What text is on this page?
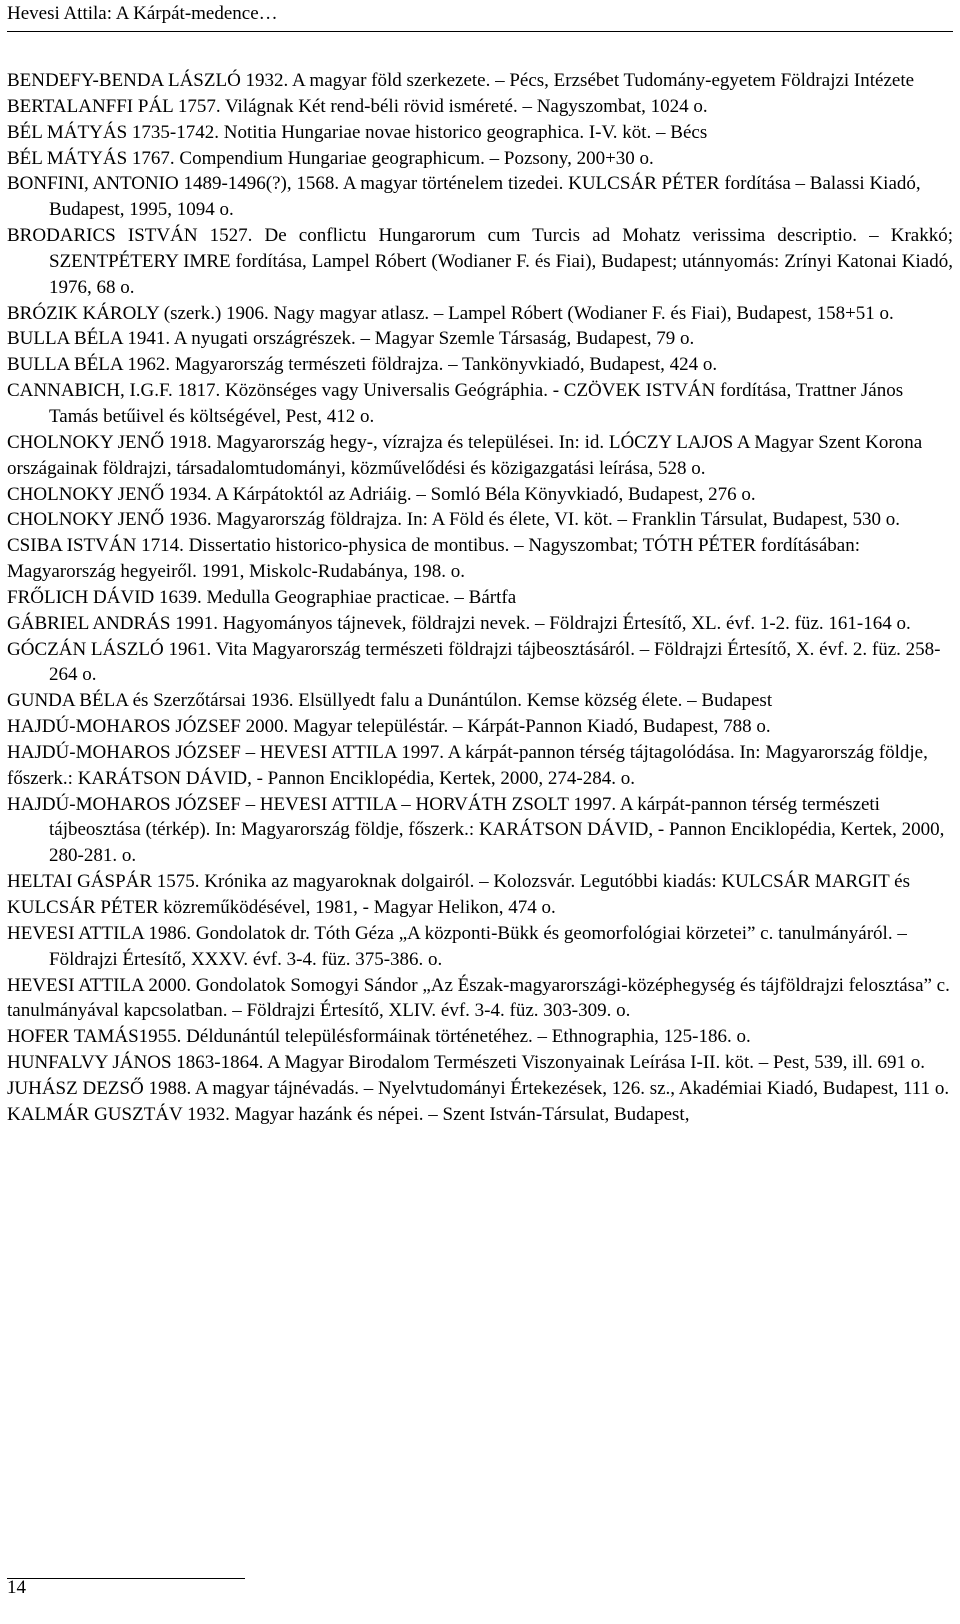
Hevesi Attila: A Kárpát-medence…

BENDEFY-BENDA LÁSZLÓ 1932. A magyar föld szerkezete. – Pécs, Erzsébet Tudomány-egyetem Földrajzi Intézete

BERTALANFFI PÁL 1757. Világnak Két rend-béli rövid isméreté. – Nagyszombat, 1024 o.

BÉL MÁTYÁS 1735-1742. Notitia Hungariae novae historico geographica. I-V. köt. – Bécs

BÉL MÁTYÁS 1767. Compendium Hungariae geographicum. – Pozsony, 200+30 o.

BONFINI, ANTONIO 1489-1496(?), 1568. A magyar történelem tizedei. KULCSÁR PÉTER fordítása – Balassi Kiadó, Budapest, 1995, 1094 o.

BRODARICS ISTVÁN 1527. De conflictu Hungarorum cum Turcis ad Mohatz verissima descriptio. – Krakkó; SZENTPÉTERY IMRE fordítása, Lampel Róbert (Wodianer F. és Fiai), Budapest; utánnyomás: Zrínyi Katonai Kiadó, 1976, 68 o.

BRÓZIK KÁROLY (szerk.) 1906. Nagy magyar atlasz. – Lampel Róbert (Wodianer F. és Fiai), Budapest, 158+51 o.

BULLA BÉLA 1941. A nyugati országrészek. – Magyar Szemle Társaság, Budapest, 79 o.

BULLA BÉLA 1962. Magyarország természeti földrajza. – Tankönyvkiadó, Budapest, 424 o.

CANNABICH, I.G.F. 1817. Közönséges vagy Universalis Geógráphia. - CZÖVEK ISTVÁN fordítása, Trattner János Tamás betűivel és költségével, Pest, 412 o.

CHOLNOKY JENŐ 1918. Magyarország hegy-, vízrajza és települései. In: id. LÓCZY LAJOS A Magyar Szent Korona országainak földrajzi, társadalomtudományi, közművelődési és közigazgatási leírása, 528 o.

CHOLNOKY JENŐ 1934. A Kárpátoktól az Adriáig. – Somló Béla Könyvkiadó, Budapest, 276 o.

CHOLNOKY JENŐ 1936. Magyarország földrajza. In: A Föld és élete, VI. köt. – Franklin Társulat, Budapest, 530 o.

CSIBA ISTVÁN 1714. Dissertatio historico-physica de montibus. – Nagyszombat; TÓTH PÉTER fordításában: Magyarország hegyeiről. 1991, Miskolc-Rudabánya, 198. o.

FRŐLICH DÁVID 1639. Medulla Geographiae practicae. – Bártfa

GÁBRIEL ANDRÁS 1991. Hagyományos tájnevek, földrajzi nevek. – Földrajzi Értesítő, XL. évf. 1-2. füz. 161-164 o.

GÓCZÁN LÁSZLÓ 1961. Vita Magyarország természeti földrajzi tájbeosztásáról. – Földrajzi Értesítő, X. évf. 2. füz. 258-264 o.

GUNDA BÉLA és Szerzőtársai 1936. Elsüllyedt falu a Dunántúlon. Kemse község élete. – Budapest

HAJDÚ-MOHAROS JÓZSEF 2000. Magyar településtár. – Kárpát-Pannon Kiadó, Budapest, 788 o.

HAJDÚ-MOHAROS JÓZSEF – HEVESI ATTILA 1997. A kárpát-pannon térség tájtagolódása. In: Magyarország földje, főszerk.: KARÁTSON DÁVID, - Pannon Enciklopédia, Kertek, 2000, 274-284. o.

HAJDÚ-MOHAROS JÓZSEF – HEVESI ATTILA – HORVÁTH ZSOLT 1997. A kárpát-pannon térség természeti tájbeosztása (térkép). In: Magyarország földje, főszerk.: KARÁTSON DÁVID, - Pannon Enciklopédia, Kertek, 2000, 280-281. o.

HELTAI GÁSPÁR 1575. Krónika az magyaroknak dolgairól. – Kolozsvár. Legutóbbi kiadás: KULCSÁR MARGIT és KULCSÁR PÉTER közreműködésével, 1981, - Magyar Helikon, 474 o.

HEVESI ATTILA 1986. Gondolatok dr. Tóth Géza „A központi-Bükk és geomorfológiai körzetei” c. tanulmányáról. – Földrajzi Értesítő, XXXV. évf. 3-4. füz. 375-386. o.

HEVESI ATTILA 2000. Gondolatok Somogyi Sándor „Az Észak-magyarországi-középhegység és tájföldrajzi felosztása” c. tanulmányával kapcsolatban. – Földrajzi Értesítő, XLIV. évf. 3-4. füz. 303-309. o.

HOFER TAMÁS1955. Déldunántúl településformáinak történetéhez. – Ethnographia, 125-186. o.

HUNFALVY JÁNOS 1863-1864. A Magyar Birodalom Természeti Viszonyainak Leírása I-II. köt. – Pest, 539, ill. 691 o.

JUHÁSZ DEZSŐ 1988. A magyar tájnévadás. – Nyelvtudományi Értekezések, 126. sz., Akadémiai Kiadó, Budapest, 111 o.

KALMÁR GUSZTÁV 1932. Magyar hazánk és népei. – Szent István-Társulat, Budapest,

14
